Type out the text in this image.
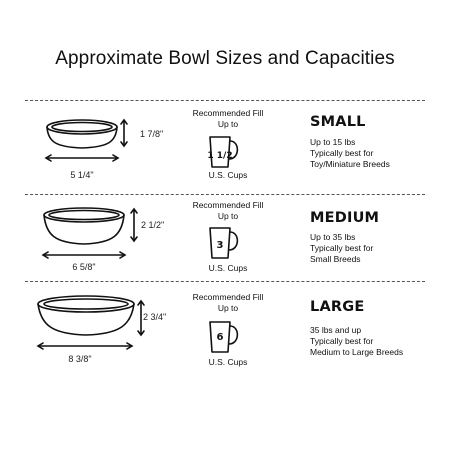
Approximate Bowl Sizes and Capacities
1 7/8"
5 1/4"
Recommended Fill
Up to
1 1/2
U.S. Cups
SMALL
Up to 15 lbs
Typically best for
Toy/Miniature Breeds
2 1/2"
6 5/8"
Recommended Fill
Up to
3
U.S. Cups
MEDIUM
Up to 35 lbs
Typically best for
Small Breeds
2 3/4"
8 3/8"
Recommended Fill
Up to
6
U.S. Cups
LARGE
35 lbs and up
Typically best for
Medium to Large Breeds
